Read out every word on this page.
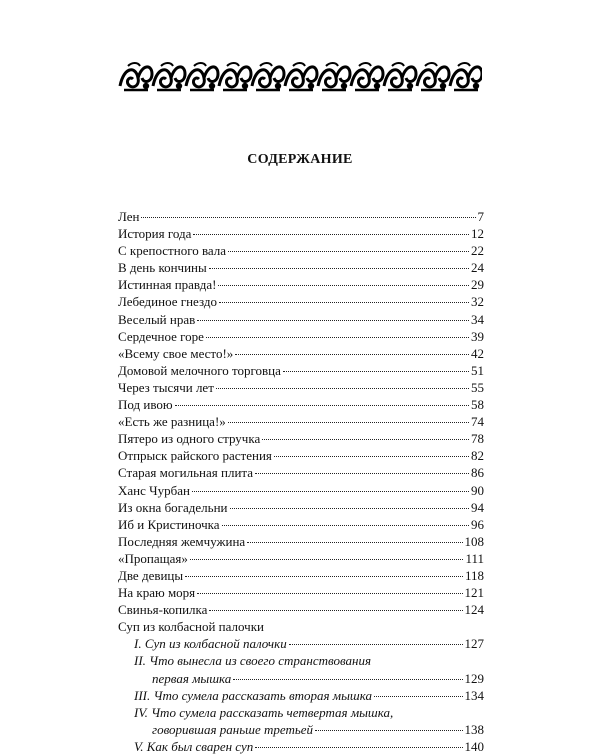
СОДЕРЖАНИЕ
Лен	7
История года	12
С крепостного вала	22
В день кончины	24
Истинная правда!	29
Лебединое гнездо	32
Веселый нрав	34
Сердечное горе	39
«Всему свое место!»	42
Домовой мелочного торговца	51
Через тысячи лет	55
Под ивою	58
«Есть же разница!»	74
Пятеро из одного стручка	78
Отпрыск райского растения	82
Старая могильная плита	86
Ханс Чурбан	90
Из окна богадельни	94
Иб и Кристиночка	96
Последняя жемчужина	108
«Пропащая»	111
Две девицы	118
На краю моря	121
Свинья-копилка	124
Суп из колбасной палочки
I. Суп из колбасной палочки	127
II. Что вынесла из своего странствования
первая мышка	129
III. Что сумела рассказать вторая мышка	134
IV. Что сумела рассказать четвертая мышка,
говорившая раньше третьей	138
V. Как был сварен суп	140
